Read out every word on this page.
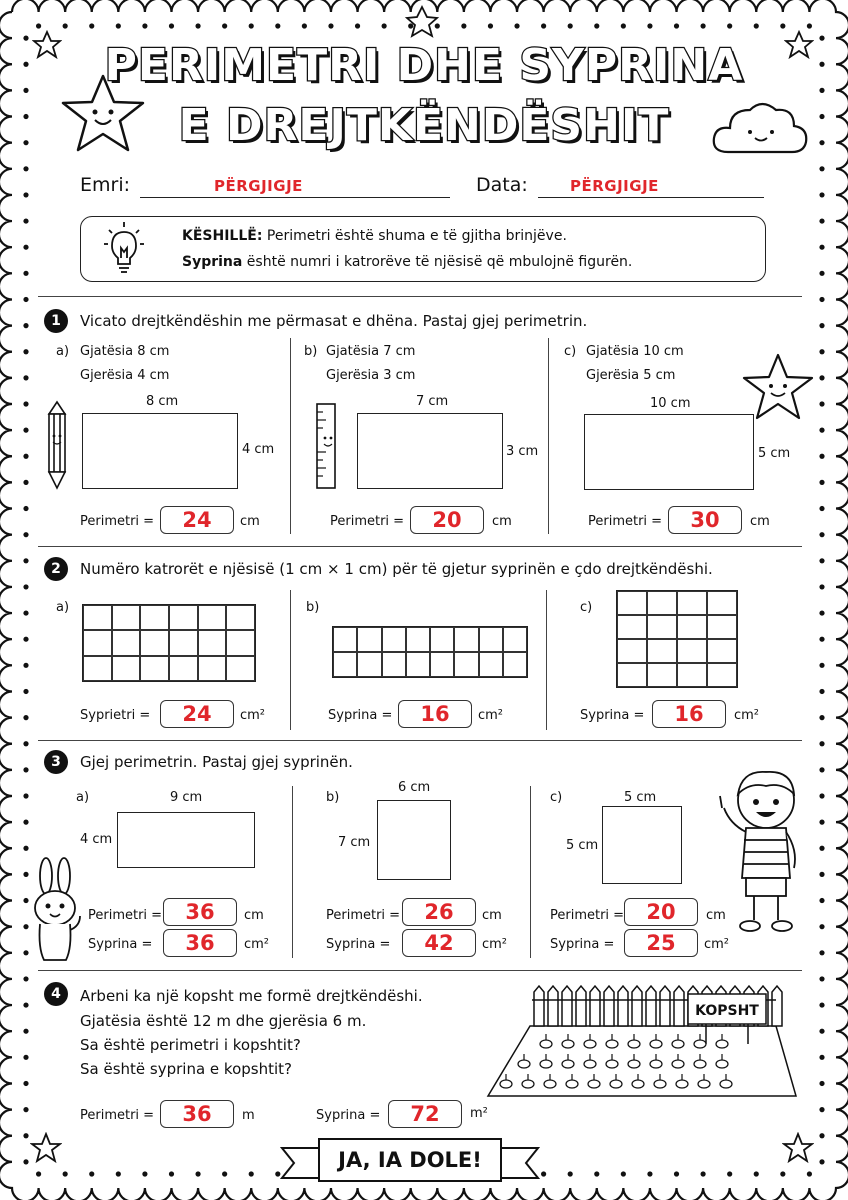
PERIMETRI DHE SYPRINA
E DREJTKËNDËSHIT
Emri:	PËRGJIGJE	Data:	PËRGJIGJE
KËSHILLË: Perimetri është shuma e të gjitha brinjëve.
Syprina është numri i katrorëve të njësisë që mbulojnë figurën.
1	Vicato drejtkëndëshin me përmasat e dhëna. Pastaj gjej perimetrin.
a) Gjatësia 8 cm
Gjerësia 4 cm
8 cm
4 cm
Perimetri =	24	cm
b) Gjatësia 7 cm
Gjerësia 3 cm
7 cm
3 cm
Perimetri =	20	cm
c) Gjatësia 10 cm
Gjerësia 5 cm
10 cm
5 cm
Perimetri =	30	cm
2	Numëro katrorët e njësisë (1 cm × 1 cm) për të gjetur syprinën e çdo drejtkëndëshi.
a)
Syprietri =	24	cm²
b)
Syprina =	16	cm²
c)
Syprina =	16	cm²
3	Gjej perimetrin. Pastaj gjej syprinën.
a)	9 cm
4 cm
Perimetri =	36	cm
Syprina =	36	cm²
b)
6 cm
7 cm
Perimetri =	26	cm
Syprina =	42	cm²
c)	5 cm
5 cm
Perimetri =	20	cm
Syprina =	25	cm²
4	Arbeni ka një kopsht me formë drejtkëndëshi.
Gjatësia është 12 m dhe gjerësia 6 m.
Sa është perimetri i kopshtit?
Sa është syprina e kopshtit?
Perimetri =	36	m	Syprina =	72	m²
KOPSHT
JA, IA DOLE!
